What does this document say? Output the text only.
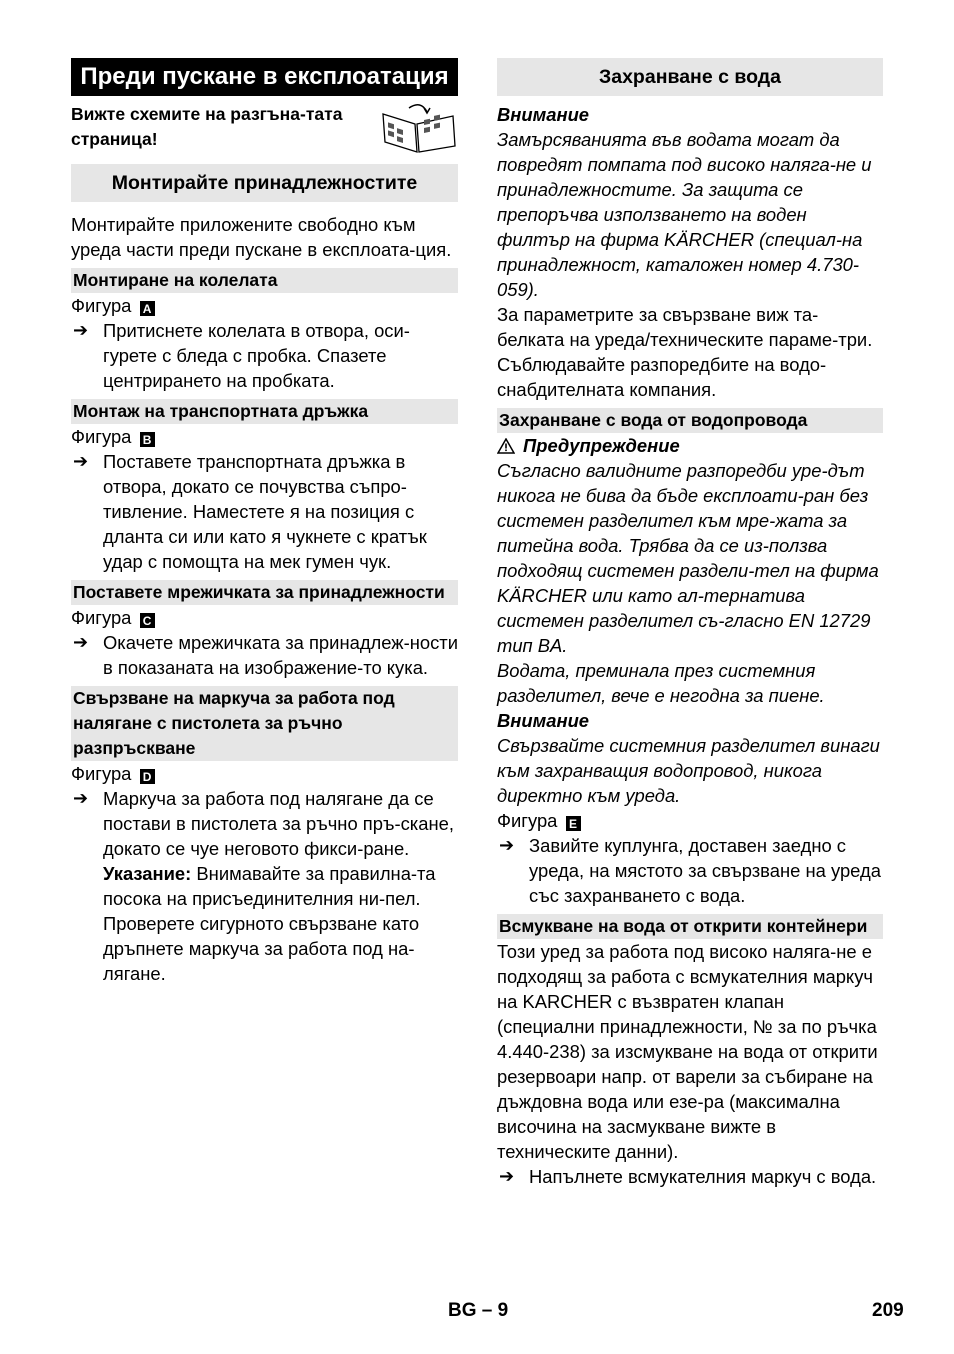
Преди пускане в експлоатация
Вижте схемите на разгъна-тата страница!
Монтирайте принадлежностите

Монтирайте приложените свободно към уреда части преди пускане в експлоата-ция.

Монтиране на колелата

Фигура A

➔ Притиснете колелата в отвора, оси-гурете с бледа с пробка. Спазете центрирането на пробката.

Монтаж на транспортната дръжка

Фигура B

➔ Поставете транспортната дръжка в отвора, докато се почувства съпро-тивление. Наместете я на позиция с дланта си или като я чукнете с кратък удар с помощта на мек гумен чук.

Поставете мрежичката за принадлежности

Фигура C

➔ Окачете мрежичката за принадлеж-ности в показаната на изображение-то кука.

Свързване на маркуча за работа под налягане с пистолета за ръчно разпръскване

Фигура D

➔ Маркуча за работа под налягане да се постави в пистолета за ръчно пръ-скане, докато се чуе неговото фикси-ране.

Указание: Внимавайте за правилна-та посока на присъединителния ни-пел.

Проверете сигурното свързване като дръпнете маркуча за работа под на-лягане.

Захранване с вода

Внимание

Замърсяванията във водата могат да повредят помпата под високо наляга-не и принадлежностите. За защита се препоръчва използването на воден филтър на фирма KÄRCHER (специал-на принадлежност, каталожен номер 4.730-059).

За параметрите за свързване виж та-белката на уреда/техническите параме-три.

Съблюдавайте разпоредбите на водо-снабдителната компания.

Захранване с вода от водопровода

Предупреждение

Съгласно валидните разпоредби уре-дът никога не бива да бъде експлоати-ран без системен разделител към мре-жата за питейна вода. Трябва да се из-ползва подходящ системен раздели-тел на фирма KÄRCHER или като ал-тернатива системен разделител съ-гласно EN 12729 тип BA.

Водата, преминала през системния разделител, вече е негодна за пиене.

Внимание

Свързвайте системния разделител винаги към захранващия водопровод, никога директно към уреда.

Фигура E

➔ Завийте куплунга, доставен заедно с уреда, на мястото за свързване на уреда със захранването с вода.

Всмукване на вода от открити контейнери

Този уред за работа под високо наляга-не е подходящ за работа с всмукателния маркуч на KARCHER с възвратен клапан (специални принадлежности, № за по ръчка 4.440-238) за изсмукване на вода от открити резервоари напр. от варели за събиране на дъждовна вода или езе-ра (максимална височина на засмукване вижте в техническите данни).

➔ Напълнете всмукателния маркуч с вода.

BG – 9	209
